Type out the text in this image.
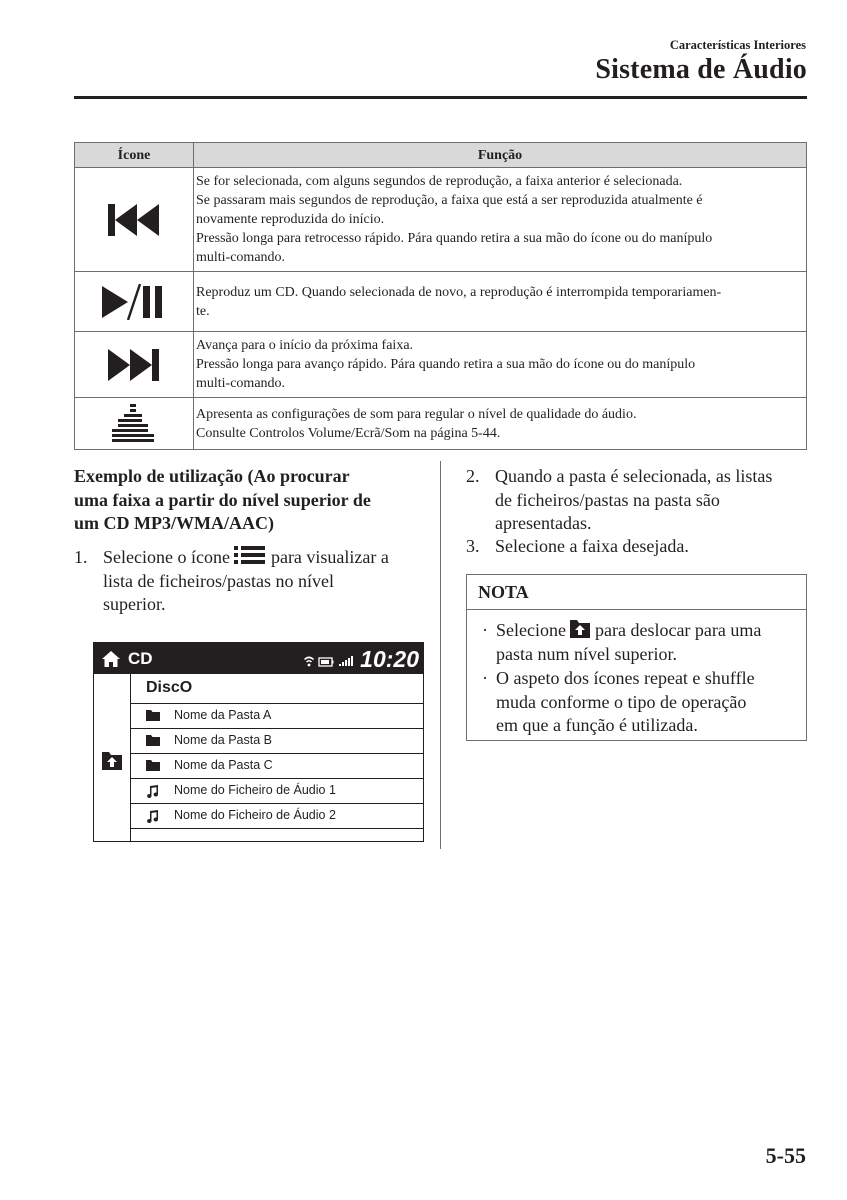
Características Interiores
Sistema de Áudio
Ícone	Função

Se for selecionada, com alguns segundos de reprodução, a faixa anterior é selecionada.
Se passaram mais segundos de reprodução, a faixa que está a ser reproduzida atualmente é
novamente reproduzida do início.
Pressão longa para retrocesso rápido. Pára quando retira a sua mão do ícone ou do manípulo
multi-comando.

Reproduz um CD. Quando selecionada de novo, a reprodução é interrompida temporariamen-
te.

Avança para o início da próxima faixa.
Pressão longa para avanço rápido. Pára quando retira a sua mão do ícone ou do manípulo
multi-comando.

Apresenta as configurações de som para regular o nível de qualidade do áudio.
Consulte Controlos Volume/Ecrã/Som na página 5-44.
Exemplo de utilização (Ao procurar
uma faixa a partir do nível superior de
um CD MP3/WMA/AAC)
1. Selecione o ícone para visualizar a
lista de ficheiros/pastas no nível
superior.
CD	10:20
DiscO
Nome da Pasta A
Nome da Pasta B
Nome da Pasta C
Nome do Ficheiro de Áudio 1
Nome do Ficheiro de Áudio 2
2. Quando a pasta é selecionada, as listas
de ficheiros/pastas na pasta são
apresentadas.
3. Selecione a faixa desejada.
NOTA
· Selecione para deslocar para uma
pasta num nível superior.
· O aspeto dos ícones repeat e shuffle
muda conforme o tipo de operação
em que a função é utilizada.
5-55
